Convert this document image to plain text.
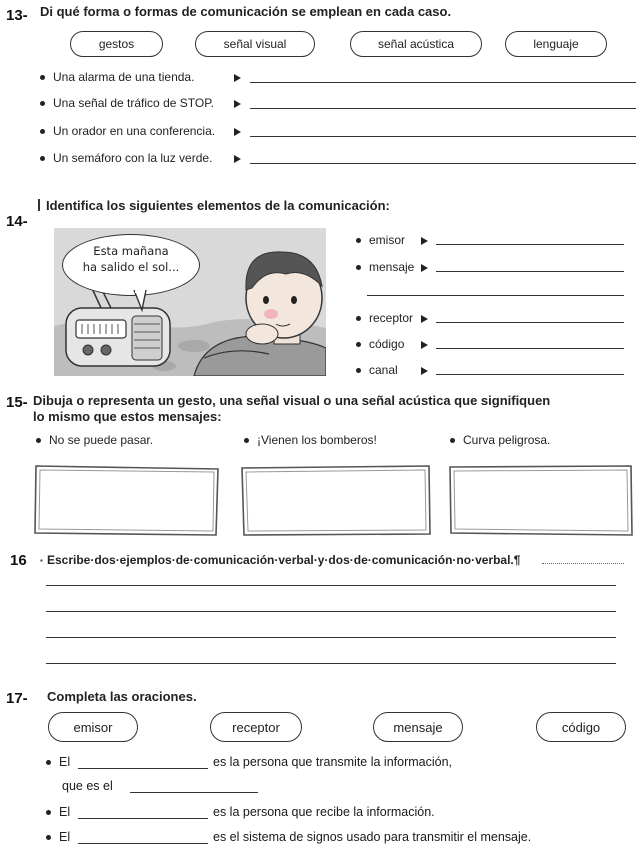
13- Di qué forma o formas de comunicación se emplean en cada caso.
gestos	señal visual	señal acústica	lenguaje
Una alarma de una tienda.
Una señal de tráfico de STOP.
Un orador en una conferencia.
Un semáforo con la luz verde.
Identifica los siguientes elementos de la comunicación:
14-
Esta mañana
ha salido el sol...
emisor
mensaje
receptor
código
canal
15- Dibuja o representa un gesto, una señal visual o una señal acústica que signifiquen
lo mismo que estos mensajes:
No se puede pasar.	¡Vienen los bomberos!	Curva peligrosa.
16 ▪ Escribe·dos·ejemplos·de·comunicación·verbal·y·dos·de·comunicación·no·verbal.¶
17- Completa las oraciones.
emisor	receptor	mensaje	código
El	es la persona que transmite la información,
que es el
El	es la persona que recibe la información.
El	es el sistema de signos usado para transmitir el mensaje.
